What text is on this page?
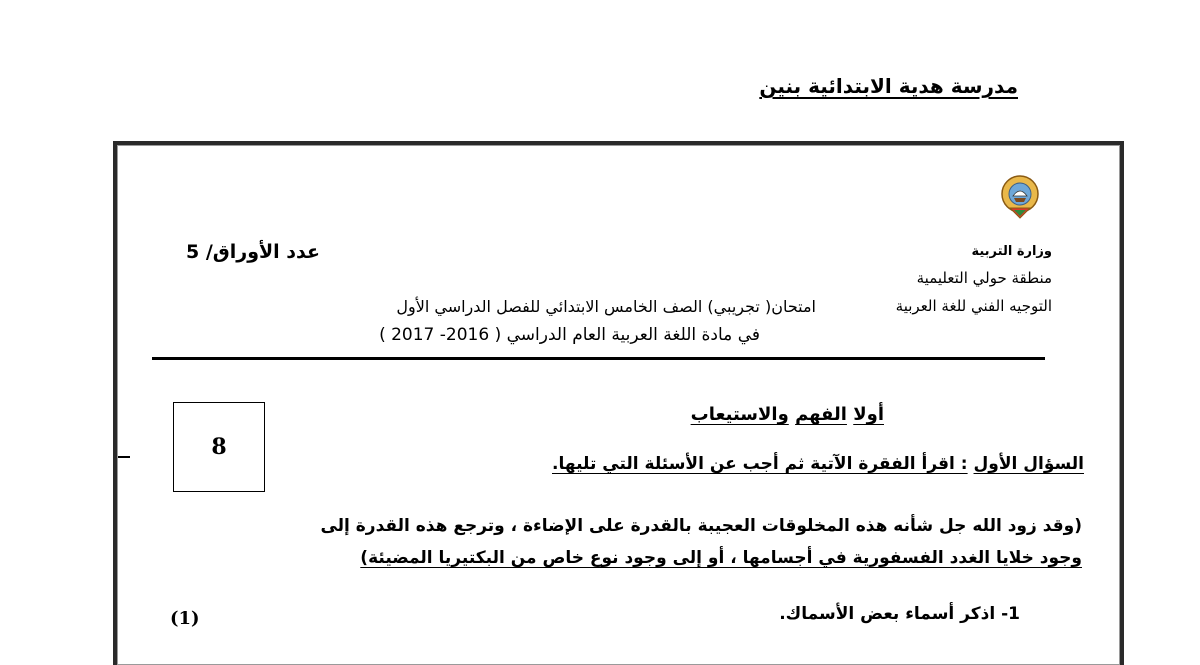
مدرسة هدية الابتدائية بنين
وزارة التربية
منطقة حولي التعليمية
التوجيه الفني للغة العربية
عدد الأوراق/ 5
امتحان( تجريبي) الصف الخامس الابتدائي للفصل الدراسي الأول
في مادة اللغة العربية العام الدراسي ( 2016- 2017 )
8
أولا الفهم والاستيعاب
السؤال الأول : اقرأ الفقرة الآتية ثم أجب عن الأسئلة التي تليها.
(وقد زود الله جل شأنه هذه المخلوقات العجيبة بالقدرة على الإضاءة ، وترجع هذه القدرة إلى
وجود خلايا الغدد الفسفورية في أجسامها ، أو إلى وجود نوع خاص من البكتيريا المضيئة)
1- اذكر أسماء بعض الأسماك.
(1)
